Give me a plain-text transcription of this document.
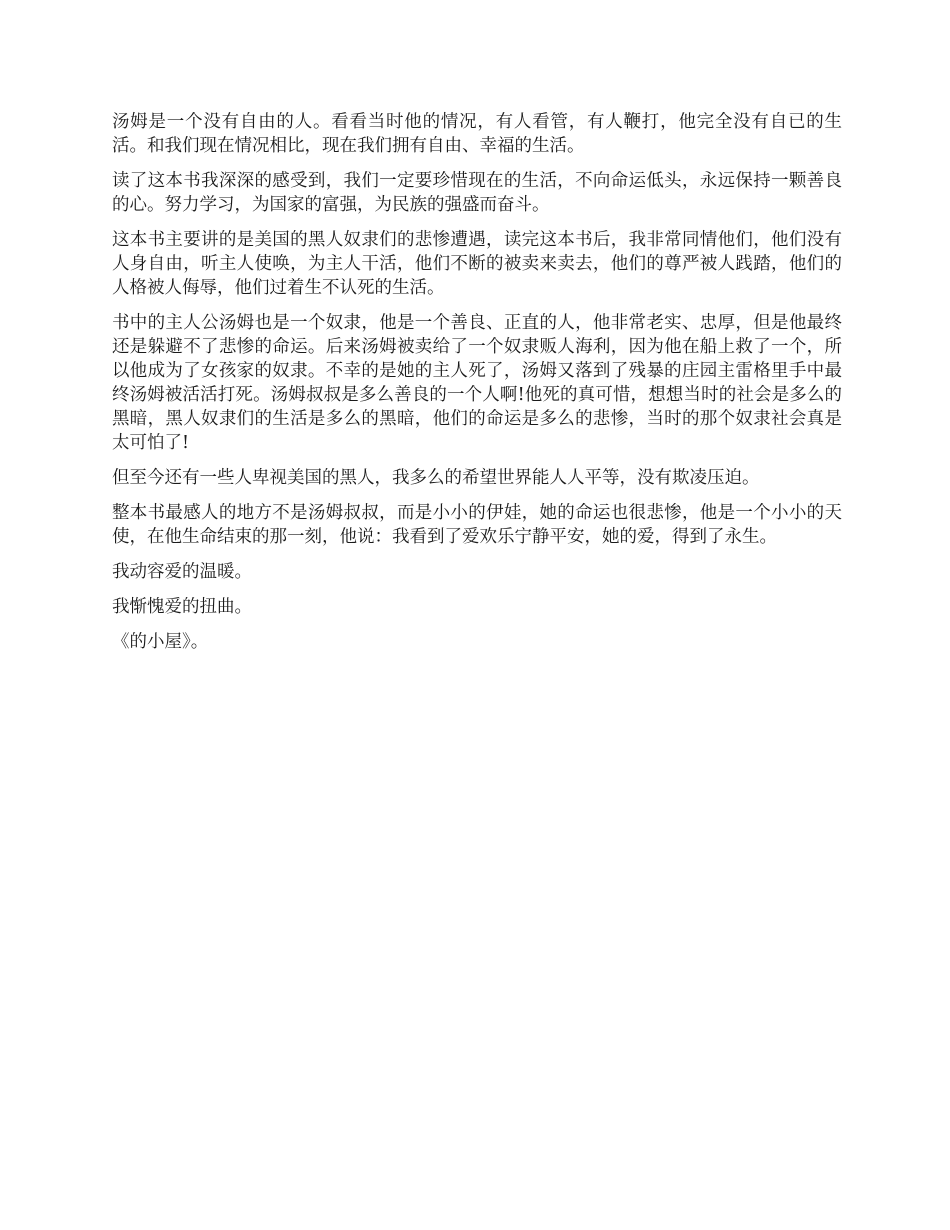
汤姆是一个没有自由的人。看看当时他的情况，有人看管，有人鞭打，他完全没有自已的生活。和我们现在情况相比，现在我们拥有自由、幸福的生活。

读了这本书我深深的感受到，我们一定要珍惜现在的生活，不向命运低头，永远保持一颗善良的心。努力学习，为国家的富强，为民族的强盛而奋斗。

这本书主要讲的是美国的黑人奴隶们的悲惨遭遇，读完这本书后，我非常同情他们，他们没有人身自由，听主人使唤，为主人干活，他们不断的被卖来卖去，他们的尊严被人践踏，他们的人格被人侮辱，他们过着生不认死的生活。

书中的主人公汤姆也是一个奴隶，他是一个善良、正直的人，他非常老实、忠厚，但是他最终还是躲避不了悲惨的命运。后来汤姆被卖给了一个奴隶贩人海利，因为他在船上救了一个，所以他成为了女孩家的奴隶。不幸的是她的主人死了，汤姆又落到了残暴的庄园主雷格里手中最终汤姆被活活打死。汤姆叔叔是多么善良的一个人啊!他死的真可惜，想想当时的社会是多么的黑暗，黑人奴隶们的生活是多么的黑暗，他们的命运是多么的悲惨，当时的那个奴隶社会真是太可怕了!

但至今还有一些人卑视美国的黑人，我多么的希望世界能人人平等，没有欺凌压迫。

整本书最感人的地方不是汤姆叔叔，而是小小的伊娃，她的命运也很悲惨，他是一个小小的天使，在他生命结束的那一刻，他说：我看到了爱欢乐宁静平安，她的爱，得到了永生。

我动容爱的温暖。

我惭愧爱的扭曲。

《的小屋》。
